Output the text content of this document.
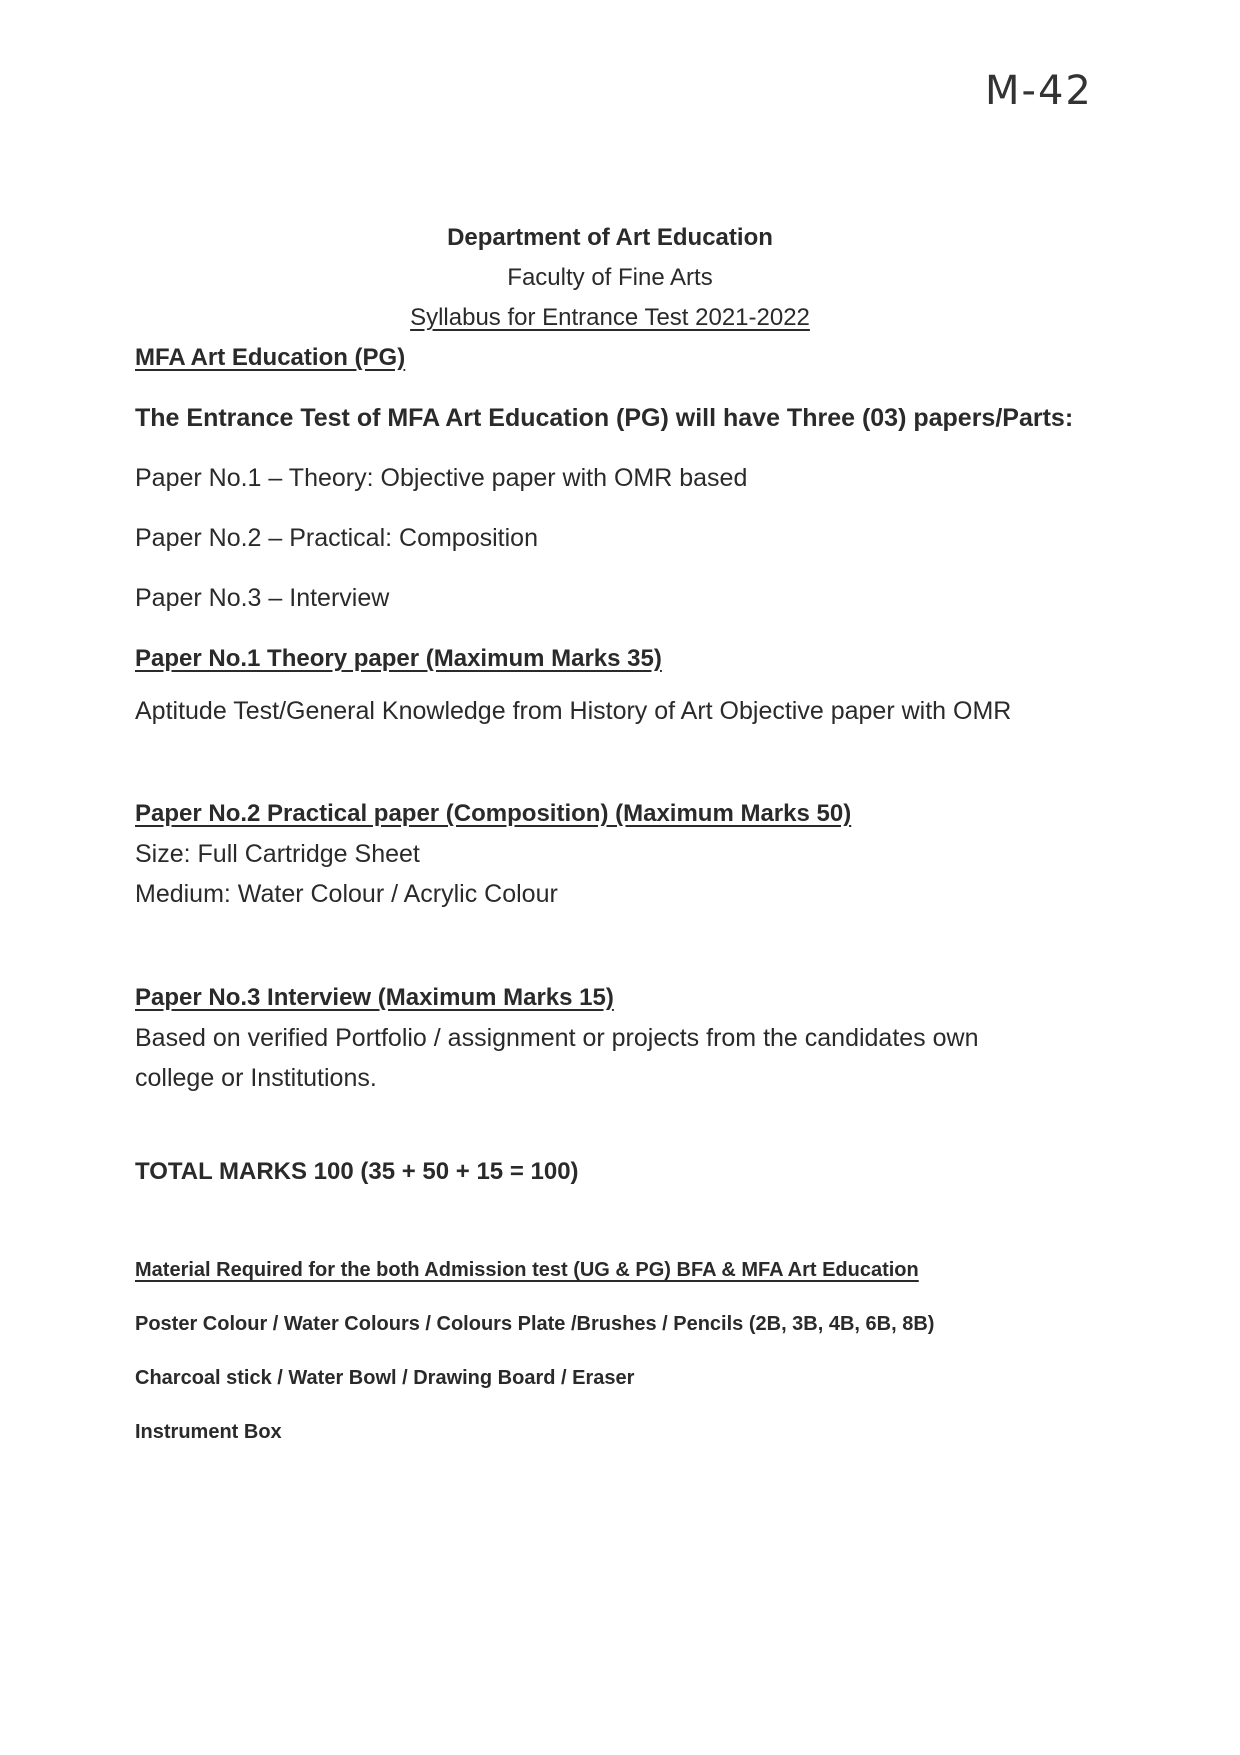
M-42
Department of Art Education
Faculty of Fine Arts
Syllabus for Entrance Test 2021-2022
MFA Art Education (PG)
The Entrance Test of MFA Art Education (PG) will have Three (03) papers/Parts:
Paper No.1 – Theory: Objective paper with OMR based
Paper No.2 – Practical: Composition
Paper No.3 – Interview
Paper No.1 Theory paper (Maximum Marks 35)
Aptitude Test/General Knowledge from History of Art Objective paper with OMR
Paper No.2 Practical paper (Composition) (Maximum Marks 50)
Size: Full Cartridge Sheet
Medium: Water Colour / Acrylic Colour
Paper No.3 Interview (Maximum Marks 15)
Based on verified Portfolio / assignment or projects from the candidates own
college or Institutions.
TOTAL MARKS 100 (35 + 50 + 15 = 100)
Material Required for the both Admission test (UG & PG) BFA & MFA Art Education
Poster Colour / Water Colours / Colours Plate /Brushes / Pencils (2B, 3B, 4B, 6B, 8B)
Charcoal stick / Water Bowl / Drawing Board / Eraser
Instrument Box
